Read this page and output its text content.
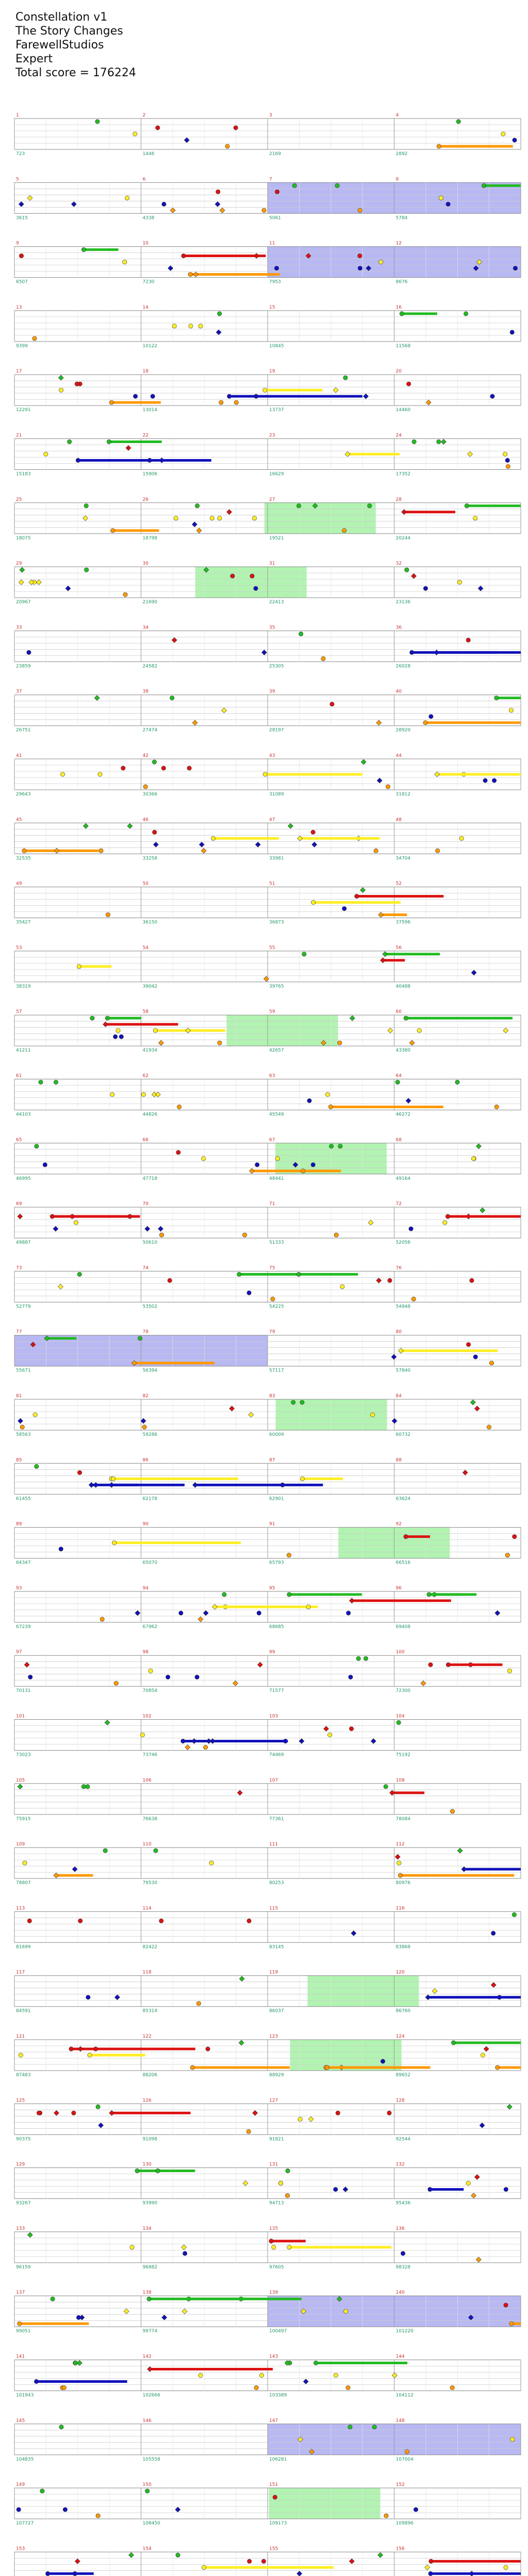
Constellation v1
The Story Changes
FarewellStudios
Expert
Total score = 176224
1
723
2
1446
3
2169
4
2892
5
3615
6
4338
7
5061
8
5784
9
6507
10
7230
11
7953
12
8676
13
9399
14
10122
15
10845
16
11568
17
12291
18
13014
19
13737
20
14460
21
15183
22
15906
23
16629
24
17352
25
18075
26
18798
27
19521
28
20244
29
20967
30
21690
31
22413
32
23136
33
23859
34
24582
35
25305
36
26028
37
26751
38
27474
39
28197
40
28920
41
29643
42
30366
43
31089
44
31812
45
32535
46
33258
47
33981
48
34704
49
35427
50
36150
51
36873
52
37596
53
38319
54
39042
55
39765
56
40488
57
41211
58
41934
59
42657
60
43380
61
44103
62
44826
63
45549
64
46272
65
46995
66
47718
67
48441
68
49164
69
49887
70
50610
71
51333
72
52056
73
52779
74
53502
75
54225
76
54948
77
55671
78
56394
79
57117
80
57840
81
58563
82
59286
83
60009
84
60732
85
61455
86
62178
87
62901
88
63624
89
64347
90
65070
91
65793
92
66516
93
67239
94
67962
95
68685
96
69408
97
70131
98
70854
99
71577
100
72300
101
73023
102
73746
103
74469
104
75192
105
75915
106
76638
107
77361
108
78084
109
78807
110
79530
111
80253
112
80976
113
81699
114
82422
115
83145
116
83868
117
84591
118
85314
119
86037
120
86760
121
87483
122
88206
123
88929
124
89652
125
90375
126
91098
127
91821
128
92544
129
93267
130
93990
131
94713
132
95436
133
96159
134
96882
135
97605
136
98328
137
99051
138
99774
139
100497
140
101220
141
101943
142
102666
143
103389
144
104112
145
104835
146
105558
147
106281
148
107004
149
107727
150
108450
151
109173
152
109896
153	154	155	156
